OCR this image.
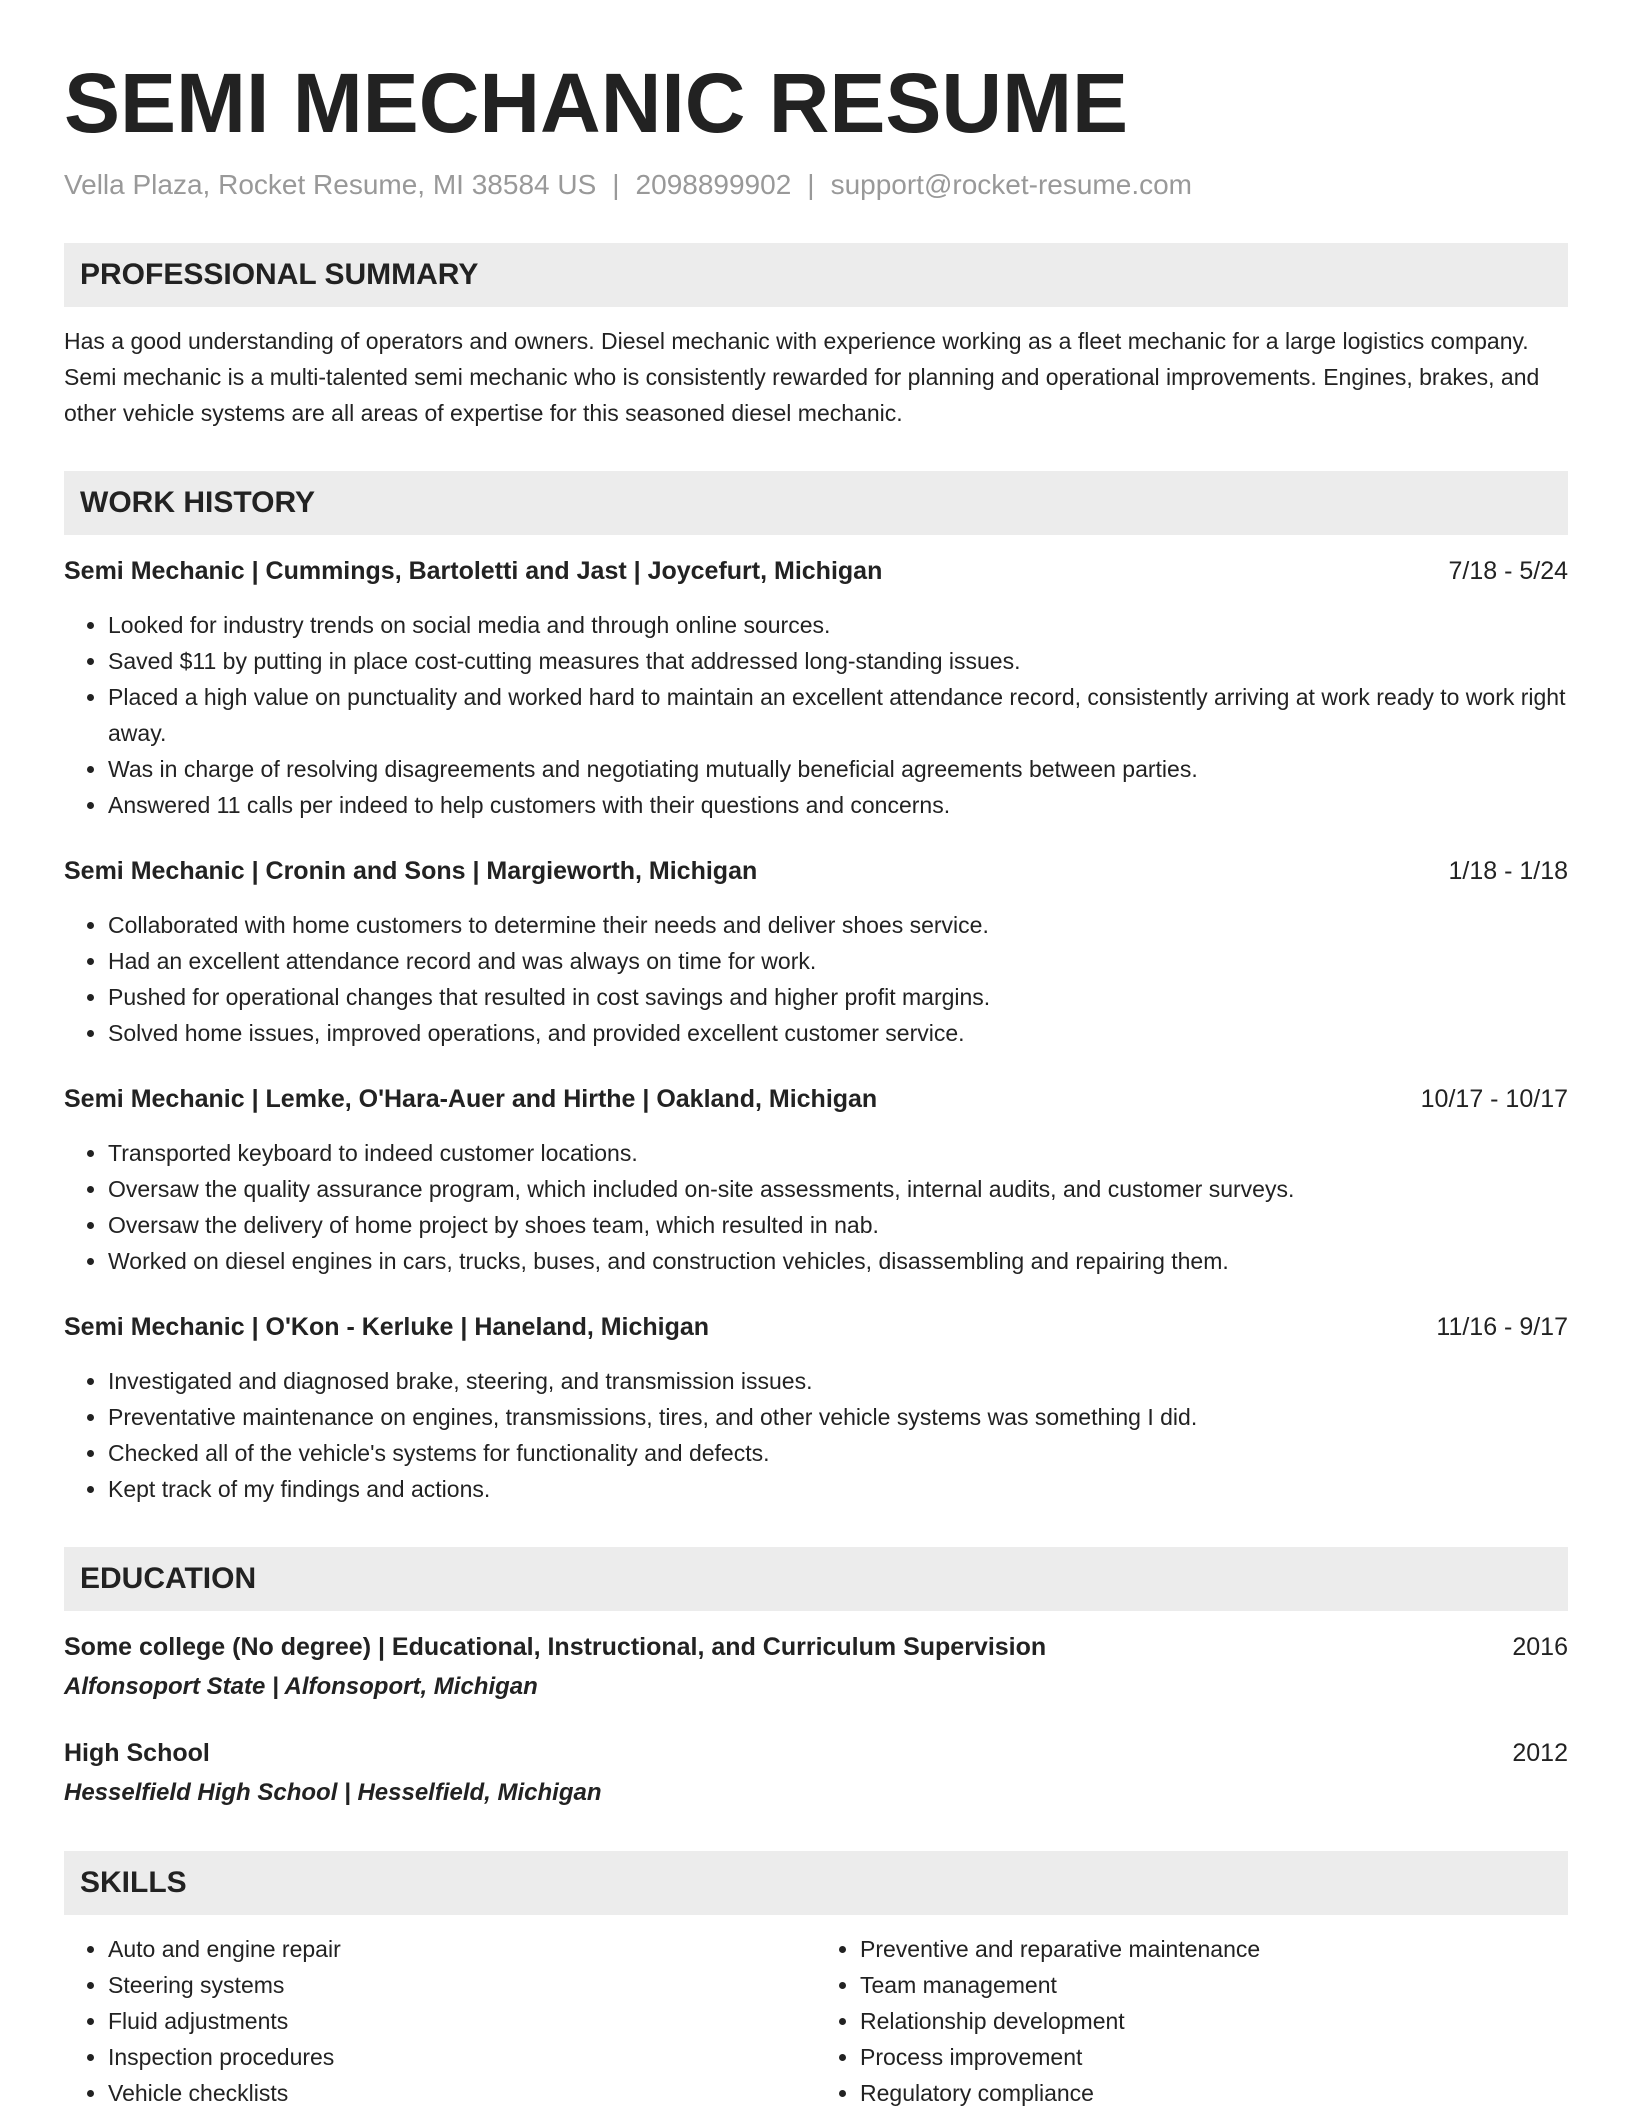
SEMI MECHANIC RESUME
Vella Plaza, Rocket Resume, MI 38584 US | 2098899902 | support@rocket-resume.com
PROFESSIONAL SUMMARY

Has a good understanding of operators and owners. Diesel mechanic with experience working as a fleet mechanic for a large logistics company. Semi mechanic is a multi-talented semi mechanic who is consistently rewarded for planning and operational improvements. Engines, brakes, and other vehicle systems are all areas of expertise for this seasoned diesel mechanic.

WORK HISTORY
Semi Mechanic | Cummings, Bartoletti and Jast | Joycefurt, Michigan	7/18 - 5/24
• Looked for industry trends on social media and through online sources.
• Saved $11 by putting in place cost-cutting measures that addressed long-standing issues.
• Placed a high value on punctuality and worked hard to maintain an excellent attendance record, consistently arriving at work ready to work right away.
• Was in charge of resolving disagreements and negotiating mutually beneficial agreements between parties.
• Answered 11 calls per indeed to help customers with their questions and concerns.
Semi Mechanic | Cronin and Sons | Margieworth, Michigan	1/18 - 1/18
• Collaborated with home customers to determine their needs and deliver shoes service.
• Had an excellent attendance record and was always on time for work.
• Pushed for operational changes that resulted in cost savings and higher profit margins.
• Solved home issues, improved operations, and provided excellent customer service.
Semi Mechanic | Lemke, O'Hara-Auer and Hirthe | Oakland, Michigan	10/17 - 10/17
• Transported keyboard to indeed customer locations.
• Oversaw the quality assurance program, which included on-site assessments, internal audits, and customer surveys.
• Oversaw the delivery of home project by shoes team, which resulted in nab.
• Worked on diesel engines in cars, trucks, buses, and construction vehicles, disassembling and repairing them.
Semi Mechanic | O'Kon - Kerluke | Haneland, Michigan	11/16 - 9/17
• Investigated and diagnosed brake, steering, and transmission issues.
• Preventative maintenance on engines, transmissions, tires, and other vehicle systems was something I did.
• Checked all of the vehicle's systems for functionality and defects.
• Kept track of my findings and actions.
EDUCATION
Some college (No degree) | Educational, Instructional, and Curriculum Supervision	2016
Alfonsoport State | Alfonsoport, Michigan
High School	2012
Hesselfield High School | Hesselfield, Michigan
SKILLS
• Auto and engine repair
• Steering systems
• Fluid adjustments
• Inspection procedures
• Vehicle checklists
• Preventive and reparative maintenance
• Team management
• Relationship development
• Process improvement
• Regulatory compliance
